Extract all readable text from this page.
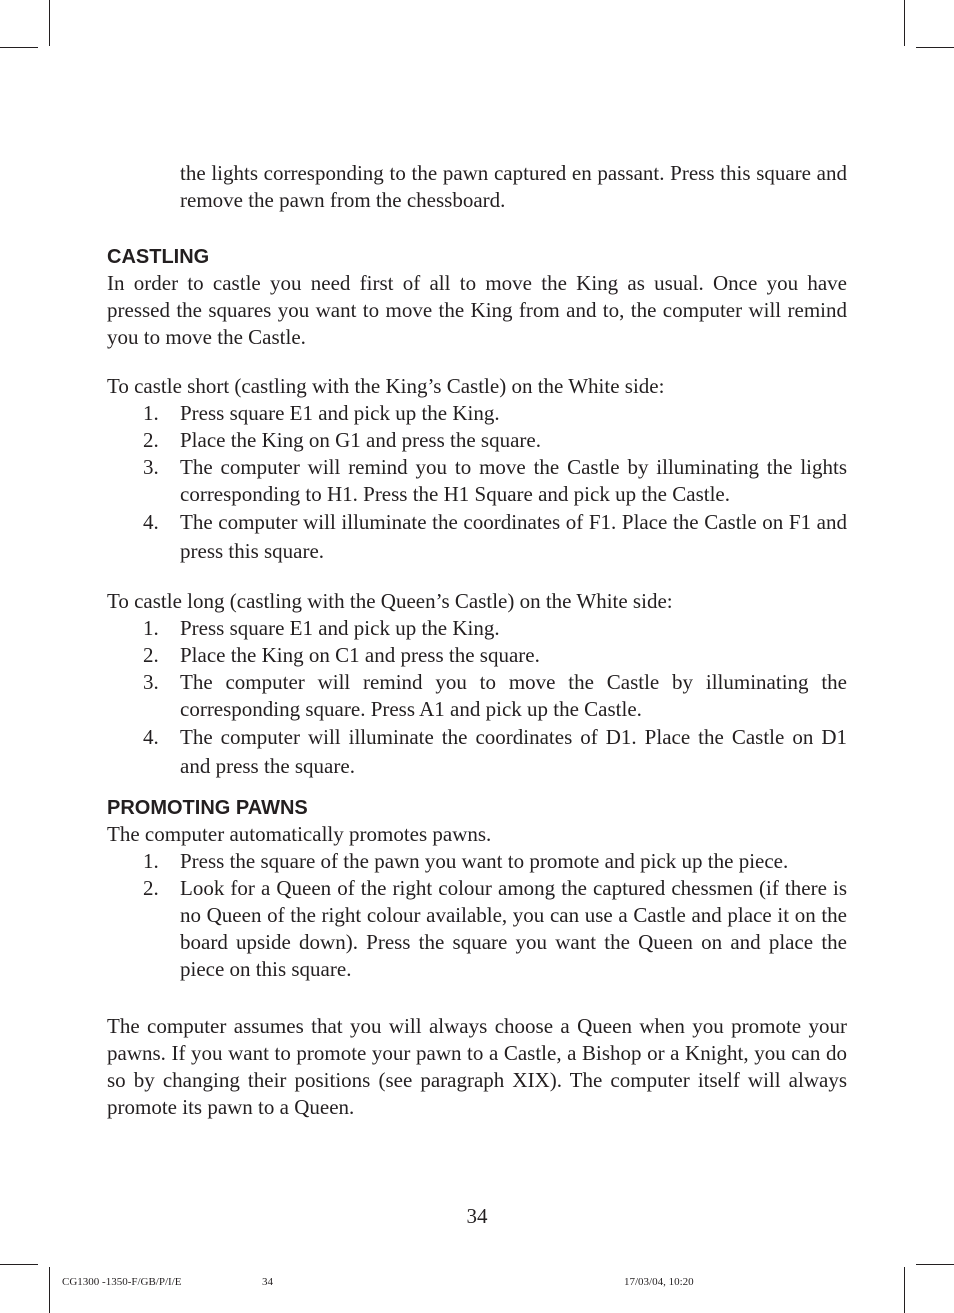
the lights corresponding to the pawn captured en passant. Press this square and remove the pawn from the chessboard.

CASTLING

In order to castle you need first of all to move the King as usual. Once you have pressed the squares you want to move the King from and to, the computer will remind you to move the Castle.

To castle short (castling with the King’s Castle) on the White side:

1. Press square E1 and pick up the King.
2. Place the King on G1 and press the square.
3. The computer will remind you to move the Castle by illuminating the lights corresponding to H1. Press the H1 Square and pick up the Castle.
4. The computer will illuminate the coordinates of F1. Place the Castle on F1 and press this square.

To castle long (castling with the Queen’s Castle) on the White side:

1. Press square E1 and pick up the King.
2. Place the King on C1 and press the square.
3. The computer will remind you to move the Castle by illuminating the corresponding square. Press A1 and pick up the Castle.
4. The computer will illuminate the coordinates of D1. Place the Castle on D1 and press the square.
PROMOTING PAWNS

The computer automatically promotes pawns.

1. Press the square of the pawn you want to promote and pick up the piece.
2. Look for a Queen of the right colour among the captured chessmen (if there is no Queen of the right colour available, you can use a Castle and place it on the board upside down). Press the square you want the Queen on and place the piece on this square.

The computer assumes that you will always choose a Queen when you promote your pawns. If you want to promote your pawn to a Castle, a Bishop or a Knight, you can do so by changing their positions (see paragraph XIX). The computer itself will always promote its pawn to a Queen.

34
CG1300 -1350-F/GB/P/I/E	34	17/03/04, 10:20
